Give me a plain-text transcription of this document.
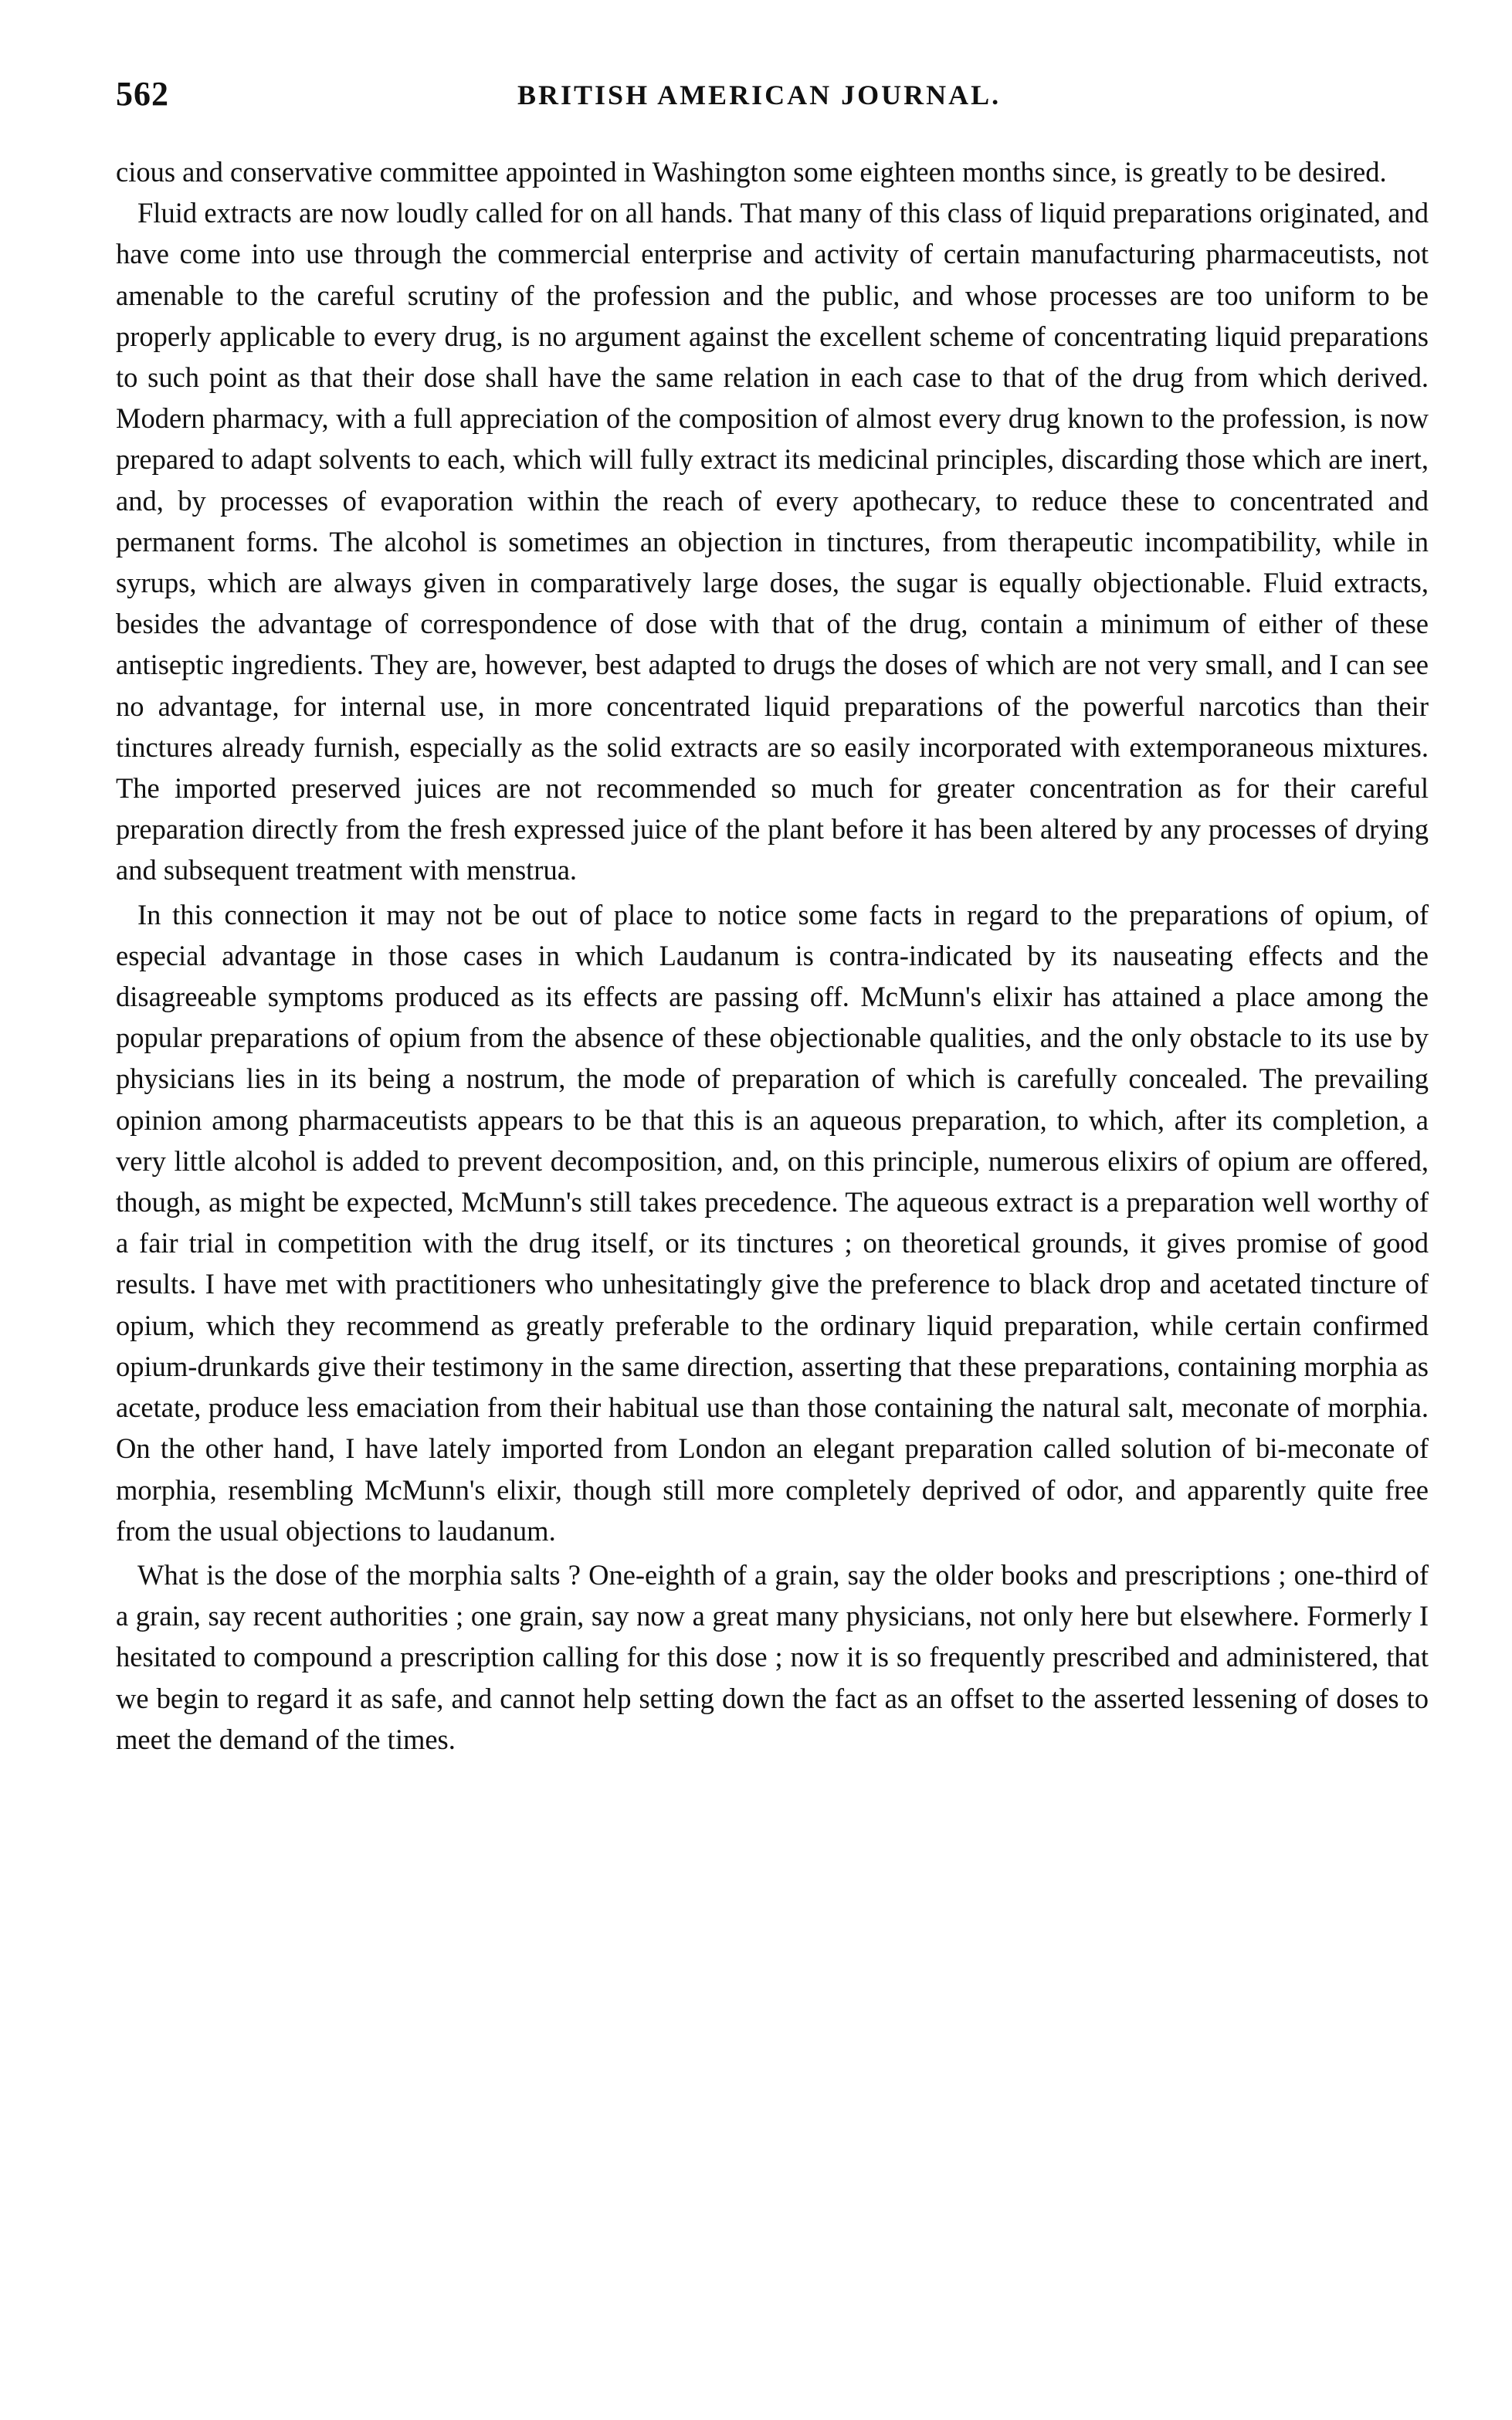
562	BRITISH AMERICAN JOURNAL.

cious and conservative committee appointed in Washington some eighteen months since, is greatly to be desired.

Fluid extracts are now loudly called for on all hands. That many of this class of liquid preparations originated, and have come into use through the commercial enterprise and activity of certain manufacturing pharmaceutists, not amenable to the careful scrutiny of the profession and the public, and whose processes are too uniform to be properly applicable to every drug, is no argument against the excellent scheme of concentrating liquid preparations to such point as that their dose shall have the same relation in each case to that of the drug from which derived. Modern pharmacy, with a full appreciation of the composition of almost every drug known to the profession, is now prepared to adapt solvents to each, which will fully extract its medicinal principles, discarding those which are inert, and, by processes of evaporation within the reach of every apothecary, to reduce these to concentrated and permanent forms. The alcohol is sometimes an objection in tinctures, from therapeutic incompatibility, while in syrups, which are always given in comparatively large doses, the sugar is equally objectionable. Fluid extracts, besides the advantage of correspondence of dose with that of the drug, contain a minimum of either of these antiseptic ingredients. They are, however, best adapted to drugs the doses of which are not very small, and I can see no advantage, for internal use, in more concentrated liquid preparations of the powerful narcotics than their tinctures already furnish, especially as the solid extracts are so easily incorporated with extemporaneous mixtures. The imported preserved juices are not recommended so much for greater concentration as for their careful preparation directly from the fresh expressed juice of the plant before it has been altered by any processes of drying and subsequent treatment with menstrua.

In this connection it may not be out of place to notice some facts in regard to the preparations of opium, of especial advantage in those cases in which Laudanum is contra-indicated by its nauseating effects and the disagreeable symptoms produced as its effects are passing off. McMunn's elixir has attained a place among the popular preparations of opium from the absence of these objectionable qualities, and the only obstacle to its use by physicians lies in its being a nostrum, the mode of preparation of which is carefully concealed. The prevailing opinion among pharmaceutists appears to be that this is an aqueous preparation, to which, after its completion, a very little alcohol is added to prevent decomposition, and, on this principle, numerous elixirs of opium are offered, though, as might be expected, McMunn's still takes precedence. The aqueous extract is a preparation well worthy of a fair trial in competition with the drug itself, or its tinctures ; on theoretical grounds, it gives promise of good results. I have met with practitioners who unhesitatingly give the preference to black drop and acetated tincture of opium, which they recommend as greatly preferable to the ordinary liquid preparation, while certain confirmed opium-drunkards give their testimony in the same direction, asserting that these preparations, containing morphia as acetate, produce less emaciation from their habitual use than those containing the natural salt, meconate of morphia. On the other hand, I have lately imported from London an elegant preparation called solution of bi-meconate of morphia, resembling McMunn's elixir, though still more completely deprived of odor, and apparently quite free from the usual objections to laudanum.

What is the dose of the morphia salts ? One-eighth of a grain, say the older books and prescriptions ; one-third of a grain, say recent authorities ; one grain, say now a great many physicians, not only here but elsewhere. Formerly I hesitated to compound a prescription calling for this dose ; now it is so frequently prescribed and administered, that we begin to regard it as safe, and cannot help setting down the fact as an offset to the asserted lessening of doses to meet the demand of the times.
